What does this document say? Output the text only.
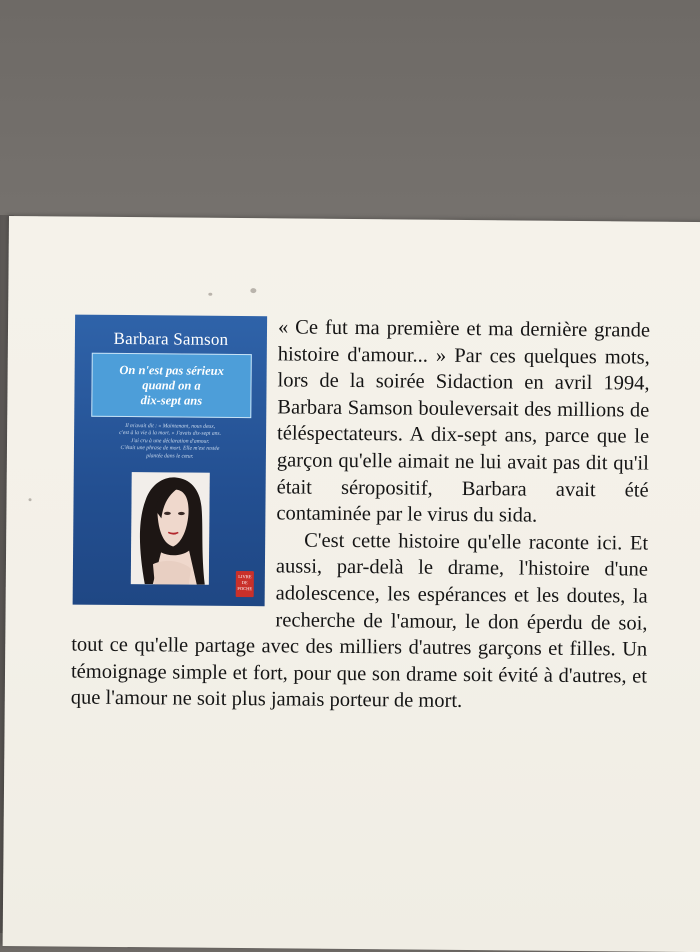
Barbara Samson
On n'est pas sérieux
quand on a
dix-sept ans
Il m'avait dit : « Maintenant, nous deux,
c'est à la vie à la mort. » J'avais dix-sept ans.
J'ai cru à une déclaration d'amour.
C'était une phrase de mort. Elle m'est restée
plantée dans le cœur.
LIVRE
DE
POCHE

« Ce fut ma première et ma dernière grande histoire d'amour... » Par ces quelques mots, lors de la soirée Sidaction en avril 1994, Barbara Samson bouleversait des millions de téléspectateurs. A dix-sept ans, parce que le garçon qu'elle aimait ne lui avait pas dit qu'il était séropositif, Barbara avait été contaminée par le virus du sida.

C'est cette histoire qu'elle raconte ici. Et aussi, par-delà le drame, l'histoire d'une adolescence, les espérances et les doutes, la recherche de l'amour, le don éperdu de soi, tout ce qu'elle partage avec des milliers d'autres garçons et filles. Un témoignage simple et fort, pour que son drame soit évité à d'autres, et que l'amour ne soit plus jamais porteur de mort.
